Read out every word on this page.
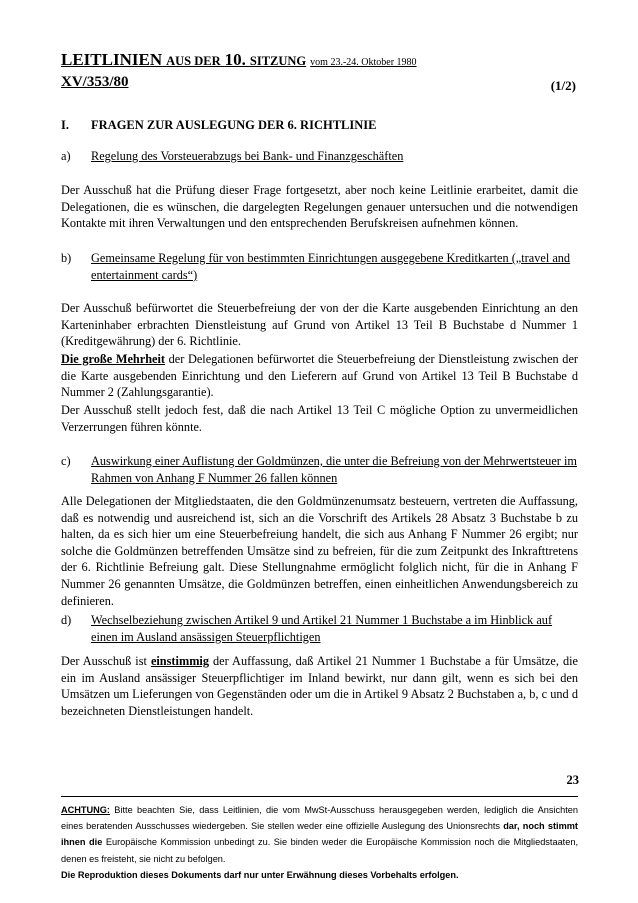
LEITLINIEN AUS DER 10. SITZUNG vom 23.-24. Oktober 1980
XV/353/80	(1/2)
I. FRAGEN ZUR AUSLEGUNG DER 6. RICHTLINIE
a) Regelung des Vorsteuerabzugs bei Bank- und Finanzgeschäften

Der Ausschuß hat die Prüfung dieser Frage fortgesetzt, aber noch keine Leitlinie erarbeitet, damit die Delegationen, die es wünschen, die dargelegten Regelungen genauer untersuchen und die notwendigen Kontakte mit ihren Verwaltungen und den entsprechenden Berufskreisen aufnehmen können.

b) Gemeinsame Regelung für von bestimmten Einrichtungen ausgegebene Kreditkarten („travel and entertainment cards“)

Der Ausschuß befürwortet die Steuerbefreiung der von der die Karte ausgebenden Einrichtung an den Karteninhaber erbrachten Dienstleistung auf Grund von Artikel 13 Teil B Buchstabe d Nummer 1 (Kreditgewährung) der 6. Richtlinie.

Die große Mehrheit der Delegationen befürwortet die Steuerbefreiung der Dienstleistung zwischen der die Karte ausgebenden Einrichtung und den Lieferern auf Grund von Artikel 13 Teil B Buchstabe d Nummer 2 (Zahlungsgarantie).

Der Ausschuß stellt jedoch fest, daß die nach Artikel 13 Teil C mögliche Option zu unvermeidlichen Verzerrungen führen könnte.

c) Auswirkung einer Auflistung der Goldmünzen, die unter die Befreiung von der Mehrwertsteuer im Rahmen von Anhang F Nummer 26 fallen können

Alle Delegationen der Mitgliedstaaten, die den Goldmünzenumsatz besteuern, vertreten die Auffassung, daß es notwendig und ausreichend ist, sich an die Vorschrift des Artikels 28 Absatz 3 Buchstabe b zu halten, da es sich hier um eine Steuerbefreiung handelt, die sich aus Anhang F Nummer 26 ergibt; nur solche die Goldmünzen betreffenden Umsätze sind zu befreien, für die zum Zeitpunkt des Inkrafttretens der 6. Richtlinie Befreiung galt. Diese Stellungnahme ermöglicht folglich nicht, für die in Anhang F Nummer 26 genannten Umsätze, die Goldmünzen betreffen, einen einheitlichen Anwendungsbereich zu definieren.

d) Wechselbeziehung zwischen Artikel 9 und Artikel 21 Nummer 1 Buchstabe a im Hinblick auf einen im Ausland ansässigen Steuerpflichtigen

Der Ausschuß ist einstimmig der Auffassung, daß Artikel 21 Nummer 1 Buchstabe a für Umsätze, die ein im Ausland ansässiger Steuerpflichtiger im Inland bewirkt, nur dann gilt, wenn es sich bei den Umsätzen um Lieferungen von Gegenständen oder um die in Artikel 9 Absatz 2 Buchstaben a, b, c und d bezeichneten Dienstleistungen handelt.

23
ACHTUNG: Bitte beachten Sie, dass Leitlinien, die vom MwSt-Ausschuss herausgegeben werden, lediglich die Ansichten eines beratenden Ausschusses wiedergeben. Sie stellen weder eine offizielle Auslegung des Unionsrechts dar, noch stimmt ihnen die Europäische Kommission unbedingt zu. Sie binden weder die Europäische Kommission noch die Mitgliedstaaten, denen es freisteht, sie nicht zu befolgen.
Die Reproduktion dieses Dokuments darf nur unter Erwähnung dieses Vorbehalts erfolgen.
